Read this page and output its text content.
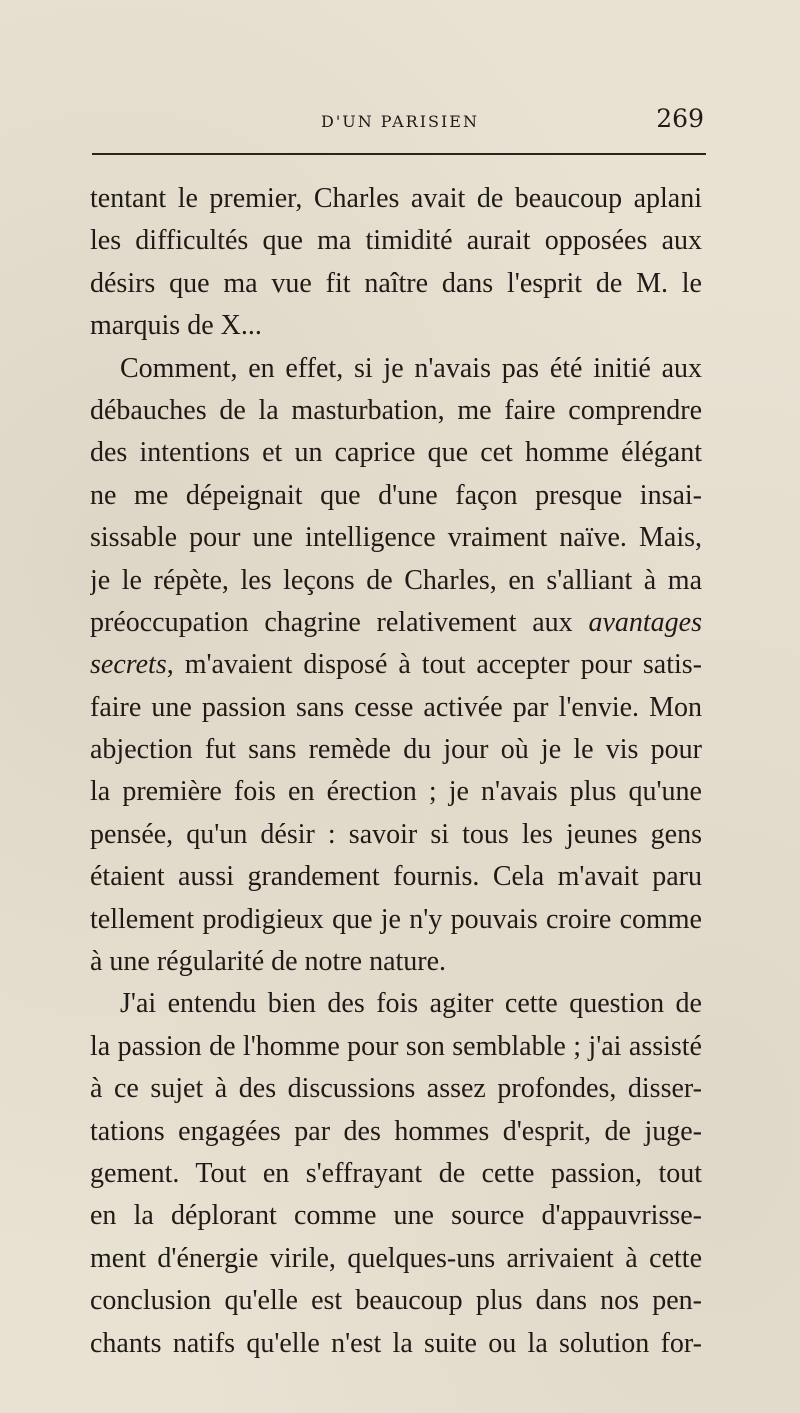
D'UN PARISIEN	269
tentant le premier, Charles avait de beaucoup aplani
les difficultés que ma timidité aurait opposées aux
désirs que ma vue fit naître dans l'esprit de M. le
marquis de X...
Comment, en effet, si je n'avais pas été initié aux
débauches de la masturbation, me faire comprendre
des intentions et un caprice que cet homme élégant
ne me dépeignait que d'une façon presque insai-
sissable pour une intelligence vraiment naïve. Mais,
je le répète, les leçons de Charles, en s'alliant à ma
préoccupation chagrine relativement aux avantages
secrets, m'avaient disposé à tout accepter pour satis-
faire une passion sans cesse activée par l'envie. Mon
abjection fut sans remède du jour où je le vis pour
la première fois en érection ; je n'avais plus qu'une
pensée, qu'un désir : savoir si tous les jeunes gens
étaient aussi grandement fournis. Cela m'avait paru
tellement prodigieux que je n'y pouvais croire comme
à une régularité de notre nature.
J'ai entendu bien des fois agiter cette question de
la passion de l'homme pour son semblable ; j'ai assisté
à ce sujet à des discussions assez profondes, disser-
tations engagées par des hommes d'esprit, de juge-
gement. Tout en s'effrayant de cette passion, tout
en la déplorant comme une source d'appauvrisse-
ment d'énergie virile, quelques-uns arrivaient à cette
conclusion qu'elle est beaucoup plus dans nos pen-
chants natifs qu'elle n'est la suite ou la solution for-
